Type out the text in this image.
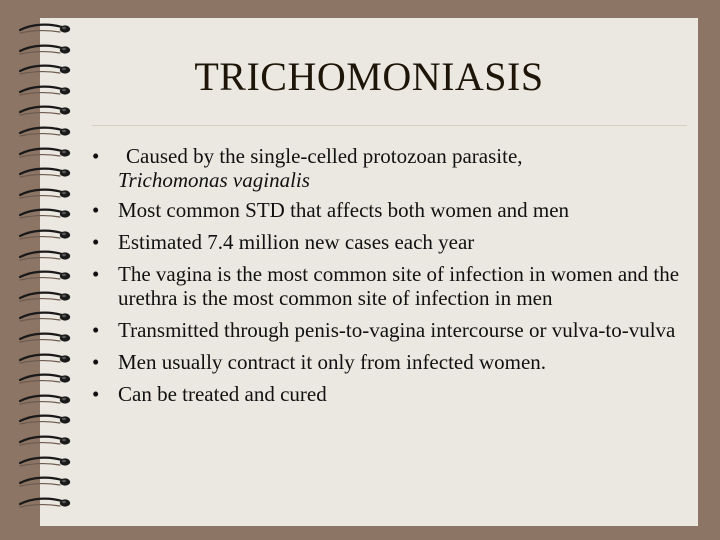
TRICHOMONIASIS
• Caused by the single-celled protozoan parasite,
Trichomonas vaginalis
• Most common STD that affects both women and men
• Estimated 7.4 million new cases each year
• The vagina is the most common site of infection in women and the urethra is the most common site of infection in men
• Transmitted through penis-to-vagina intercourse or vulva-to-vulva
• Men usually contract it only from infected women.
• Can be treated and cured
